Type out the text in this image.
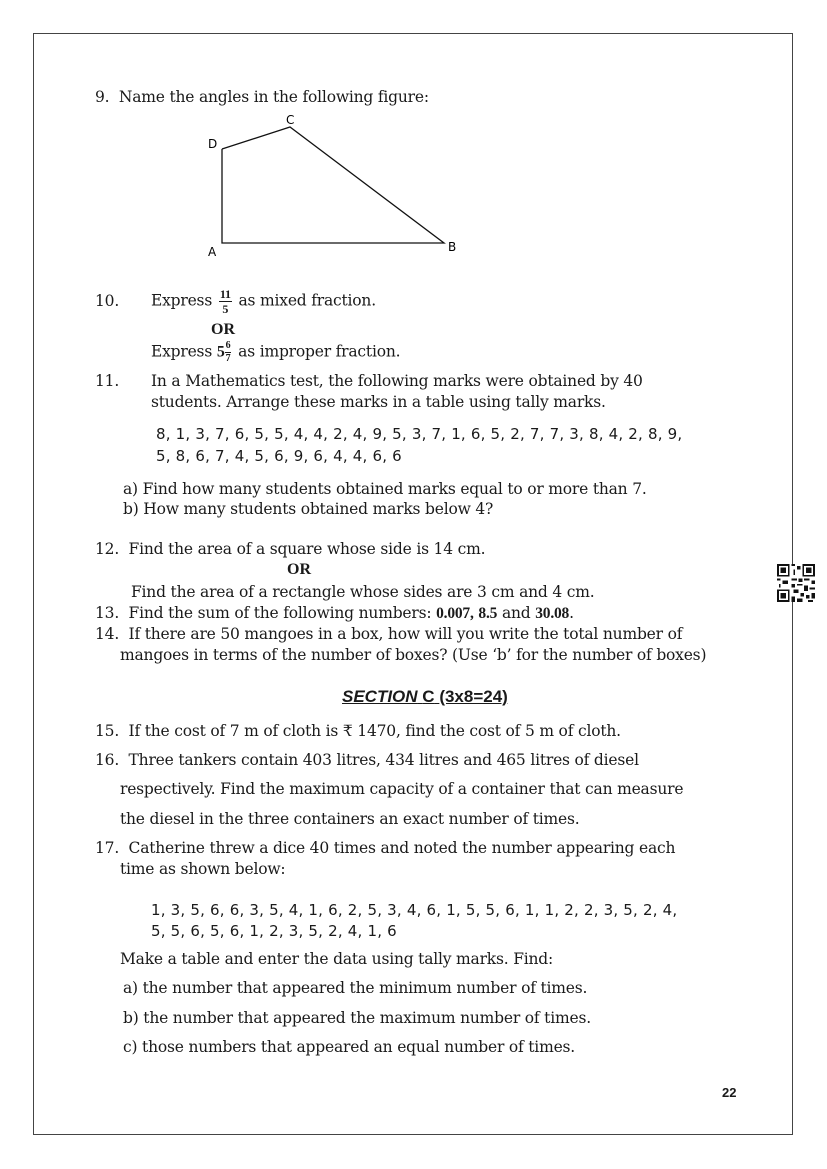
9. Name the angles in the following figure:
C
D
A	B
10. Express $\frac{11}{5}$ as mixed fraction.
OR
Express $5 \frac{6}{7}$ as improper fraction.
11. In a Mathematics test, the following marks were obtained by 40
students. Arrange these marks in a table using tally marks.
8, 1, 3, 7, 6, 5, 5, 4, 4, 2, 4, 9, 5, 3, 7, 1, 6, 5, 2, 7, 7, 3, 8, 4, 2, 8, 9,
5, 8, 6, 7, 4, 5, 6, 9, 6, 4, 4, 6, 6
a) Find how many students obtained marks equal to or more than 7.
b) How many students obtained marks below 4?
12. Find the area of a square whose side is 14 cm.
OR
Find the area of a rectangle whose sides are 3 cm and 4 cm.
13. Find the sum of the following numbers: 0.007, 8.5 and 30.08.
14. If there are 50 mangoes in a box, how will you write the total number of
mangoes in terms of the number of boxes? (Use ‘b’ for the number of boxes)
SECTION C (3x8=24)
15. If the cost of 7 m of cloth is ₹ 1470, find the cost of 5 m of cloth.
16. Three tankers contain 403 litres, 434 litres and 465 litres of diesel
respectively. Find the maximum capacity of a container that can measure
the diesel in the three containers an exact number of times.
17. Catherine threw a dice 40 times and noted the number appearing each
time as shown below:
1, 3, 5, 6, 6, 3, 5, 4, 1, 6, 2, 5, 3, 4, 6, 1, 5, 5, 6, 1, 1, 2, 2, 3, 5, 2, 4,
5, 5, 6, 5, 6, 1, 2, 3, 5, 2, 4, 1, 6
Make a table and enter the data using tally marks. Find:
a) the number that appeared the minimum number of times.
b) the number that appeared the maximum number of times.
c) those numbers that appeared an equal number of times.
22
